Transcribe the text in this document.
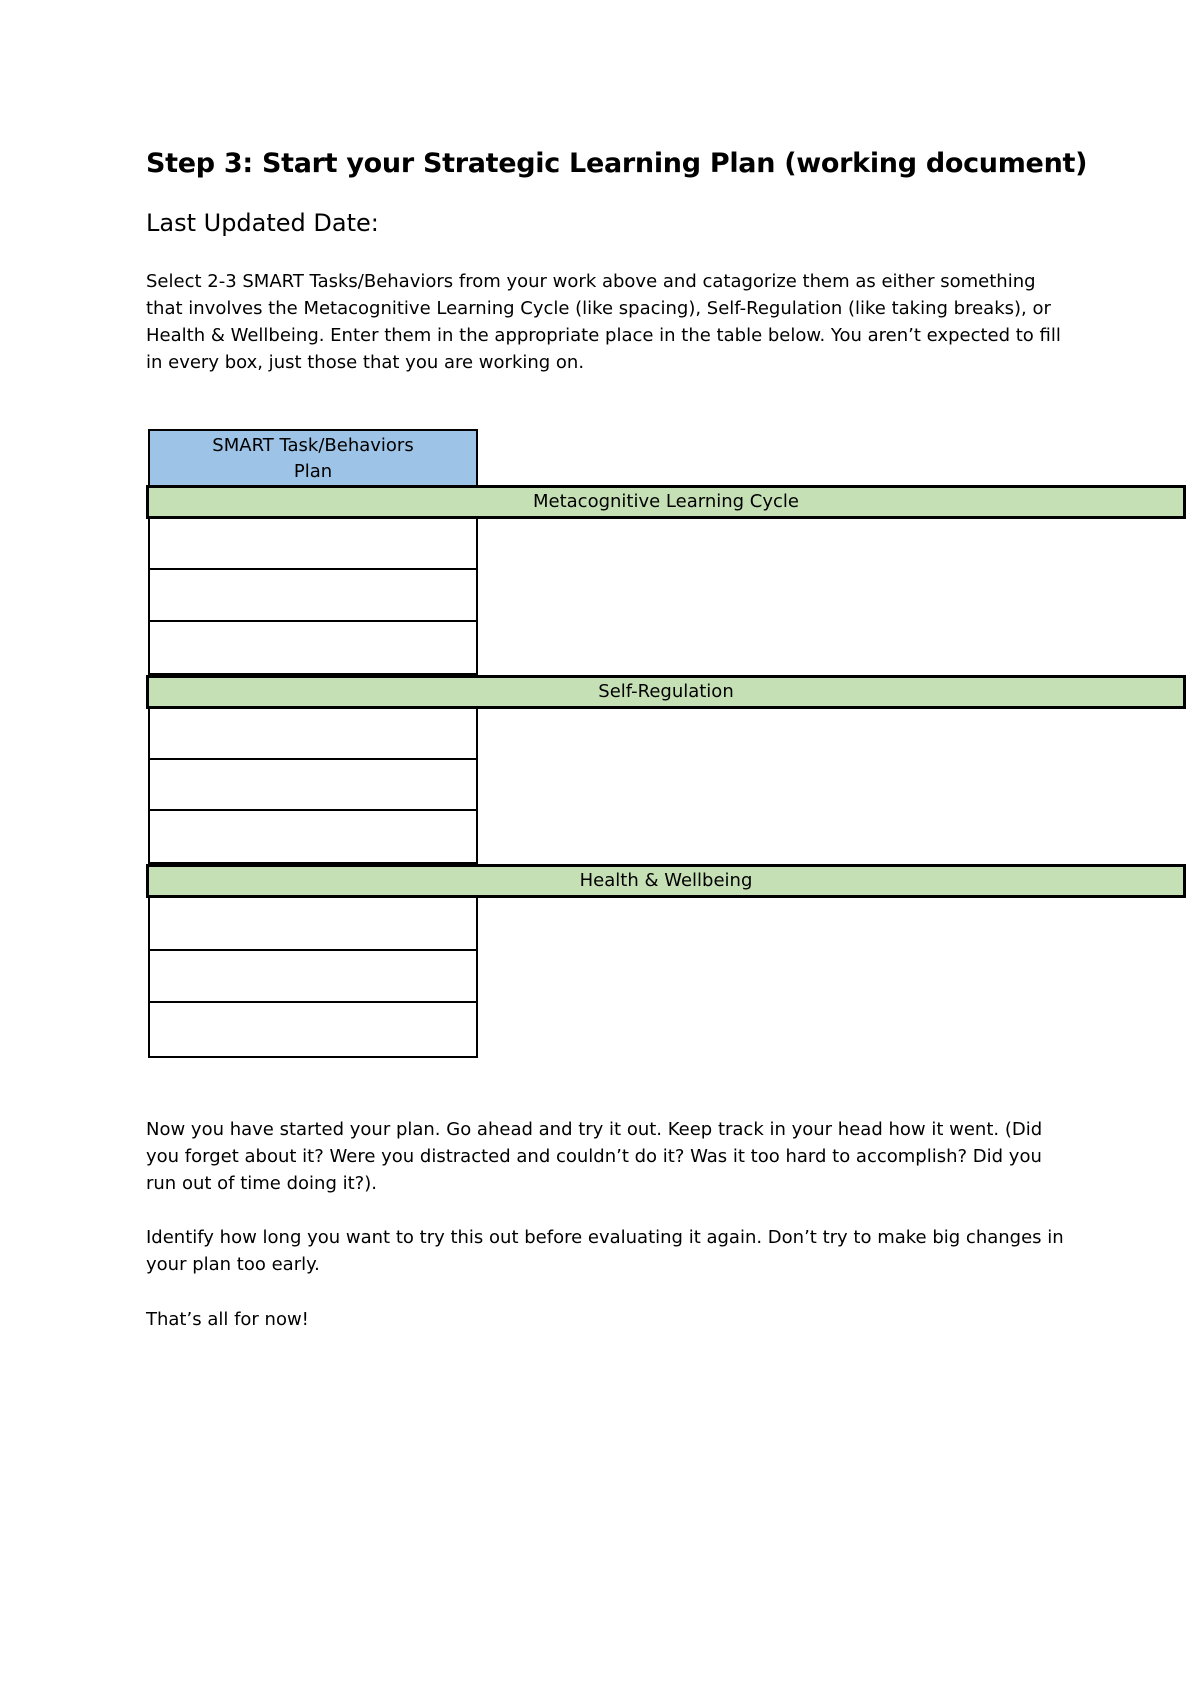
Step 3: Start your Strategic Learning Plan (working document)
Last Updated Date:

Select 2-3 SMART Tasks/Behaviors from your work above and catagorize them as either something that involves the Metacognitive Learning Cycle (like spacing), Self-Regulation (like taking breaks), or Health & Wellbeing. Enter them in the appropriate place in the table below. You aren’t expected to fill in every box, just those that you are working on.

SMART Task/Behaviors
Plan
Metacognitive Learning Cycle
Self-Regulation
Health & Wellbeing

Now you have started your plan. Go ahead and try it out. Keep track in your head how it went. (Did you forget about it? Were you distracted and couldn’t do it? Was it too hard to accomplish? Did you run out of time doing it?).

Identify how long you want to try this out before evaluating it again. Don’t try to make big changes in your plan too early.

That’s all for now!
